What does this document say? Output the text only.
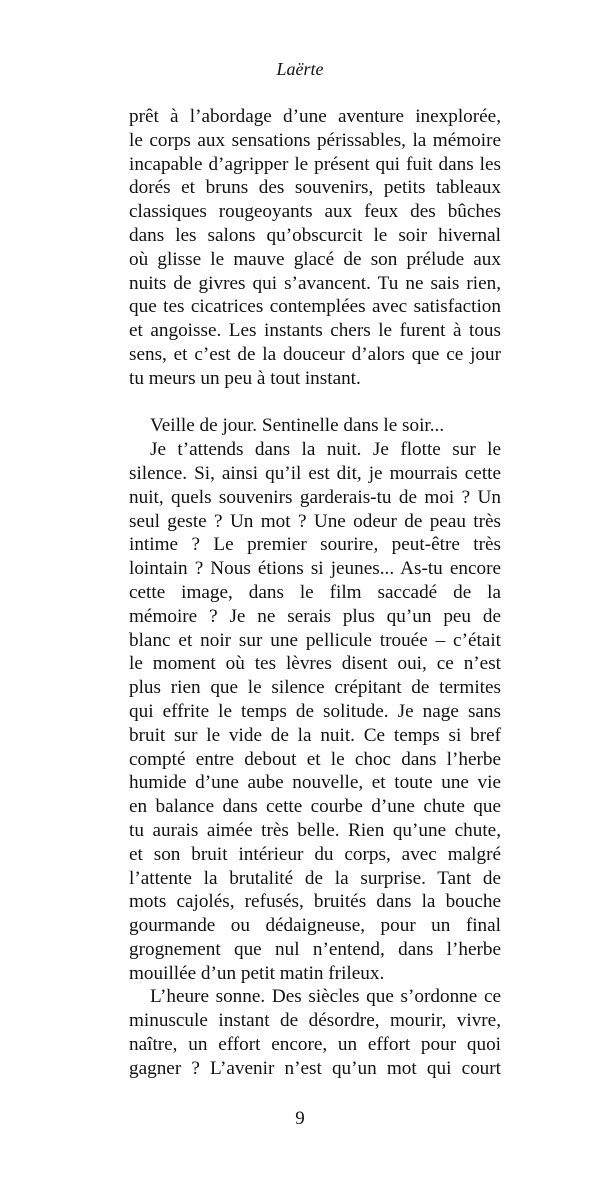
Laërte
prêt à l’abordage d’une aventure inexplorée,
le corps aux sensations périssables, la mémoire
incapable d’agripper le présent qui fuit dans les
dorés et bruns des souvenirs, petits tableaux
classiques rougeoyants aux feux des bûches
dans les salons qu’obscurcit le soir hivernal
où glisse le mauve glacé de son prélude aux
nuits de givres qui s’avancent. Tu ne sais rien,
que tes cicatrices contemplées avec satisfaction
et angoisse. Les instants chers le furent à tous
sens, et c’est de la douceur d’alors que ce jour
tu meurs un peu à tout instant.
Veille de jour. Sentinelle dans le soir...
Je t’attends dans la nuit. Je flotte sur le
silence. Si, ainsi qu’il est dit, je mourrais cette
nuit, quels souvenirs garderais-tu de moi ? Un
seul geste ? Un mot ? Une odeur de peau très
intime ? Le premier sourire, peut-être très
lointain ? Nous étions si jeunes... As-tu encore
cette image, dans le film saccadé de la
mémoire ? Je ne serais plus qu’un peu de
blanc et noir sur une pellicule trouée – c’était
le moment où tes lèvres disent oui, ce n’est
plus rien que le silence crépitant de termites
qui effrite le temps de solitude. Je nage sans
bruit sur le vide de la nuit. Ce temps si bref
compté entre debout et le choc dans l’herbe
humide d’une aube nouvelle, et toute une vie
en balance dans cette courbe d’une chute que
tu aurais aimée très belle. Rien qu’une chute,
et son bruit intérieur du corps, avec malgré
l’attente la brutalité de la surprise. Tant de
mots cajolés, refusés, bruités dans la bouche
gourmande ou dédaigneuse, pour un final
grognement que nul n’entend, dans l’herbe
mouillée d’un petit matin frileux.
L’heure sonne. Des siècles que s’ordonne ce
minuscule instant de désordre, mourir, vivre,
naître, un effort encore, un effort pour quoi
gagner ? L’avenir n’est qu’un mot qui court
9
